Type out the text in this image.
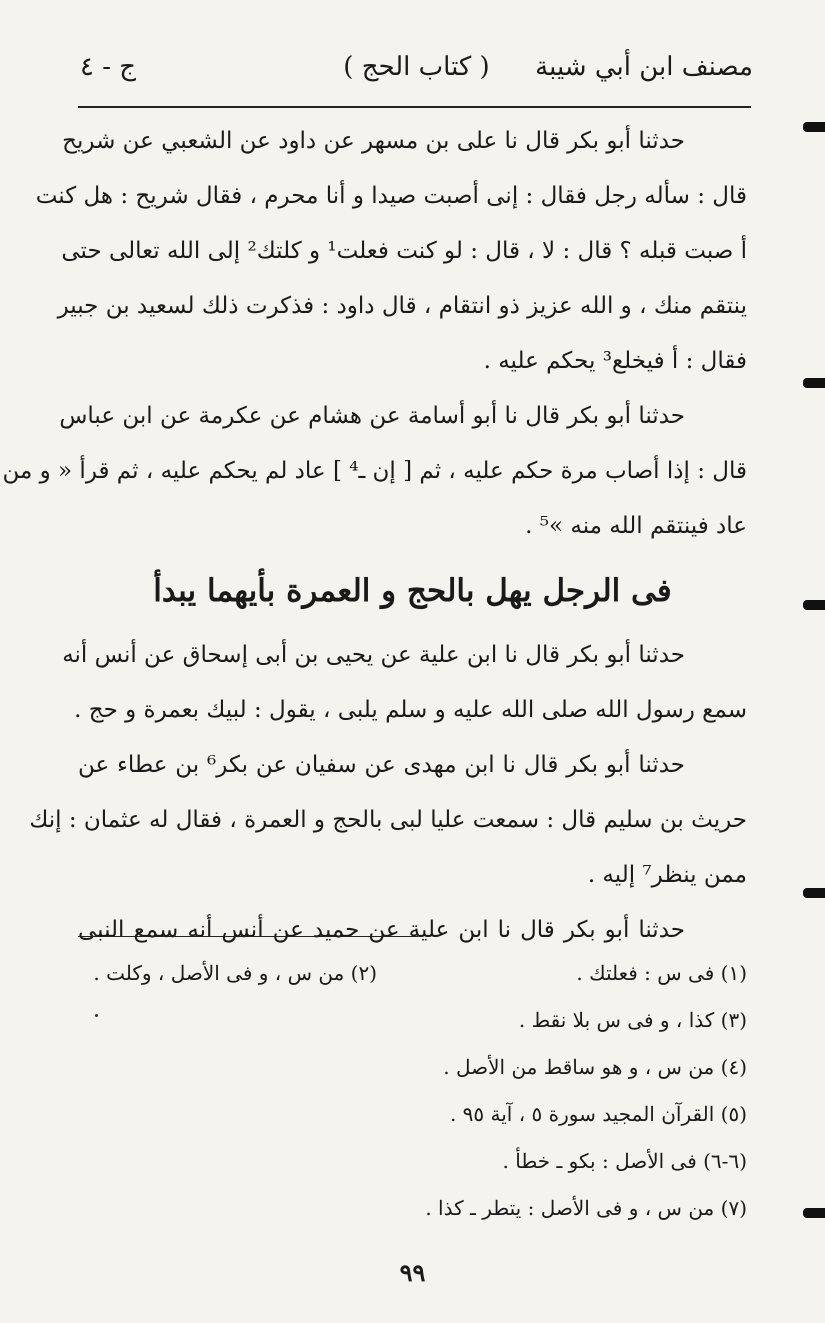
مصنف ابن أبي شيبة
( كتاب الحج )
ج - ٤
حدثنا أبو بكر قال نا على بن مسهر عن داود عن الشعبي عن شريح
قال : سأله رجل فقال : إنى أصبت صيدا و أنا محرم ، فقال شريح : هل كنت
أ صبت قبله ؟ قال : لا ، قال : لو كنت فعلت¹ و كلتك² إلى الله تعالى حتى
ينتقم منك ، و الله عزيز ذو انتقام ، قال داود : فذكرت ذلك لسعيد بن جبير
فقال : أ فيخلع³ يحكم عليه .
حدثنا أبو بكر قال نا أبو أسامة عن هشام عن عكرمة عن ابن عباس
قال : إذا أصاب مرة حكم عليه ، ثم [ إن ـ⁴ ] عاد لم يحكم عليه ، ثم قرأ « و من
عاد فينتقم الله منه »⁵ .
فى الرجل يهل بالحج و العمرة بأيهما يبدأ
حدثنا أبو بكر قال نا ابن علية عن يحيى بن أبى إسحاق عن أنس أنه
سمع رسول الله صلى الله عليه و سلم يلبى ، يقول : لبيك بعمرة و حج .
حدثنا أبو بكر قال نا ابن مهدى عن سفيان عن بكر⁶ بن عطاء عن
حريث بن سليم قال : سمعت عليا لبى بالحج و العمرة ، فقال له عثمان : إنك
ممن ينظر⁷ إليه .
حدثنا أبو بكر قال نا ابن علية عن حميد عن أنس أنه سمع النبى
(١) فى س : فعلتك .
(٢) من س ، و فى الأصل ، وكلت .
(٣) كذا ، و فى س بلا نقط .
(٤) من س ، و هو ساقط من الأصل .
(٥) القرآن المجيد سورة ٥ ، آية ٩٥ .
(٦-٦) فى الأصل : بكو ـ خطأ .
(٧) من س ، و فى الأصل : يتطر ـ كذا .
٩٩
